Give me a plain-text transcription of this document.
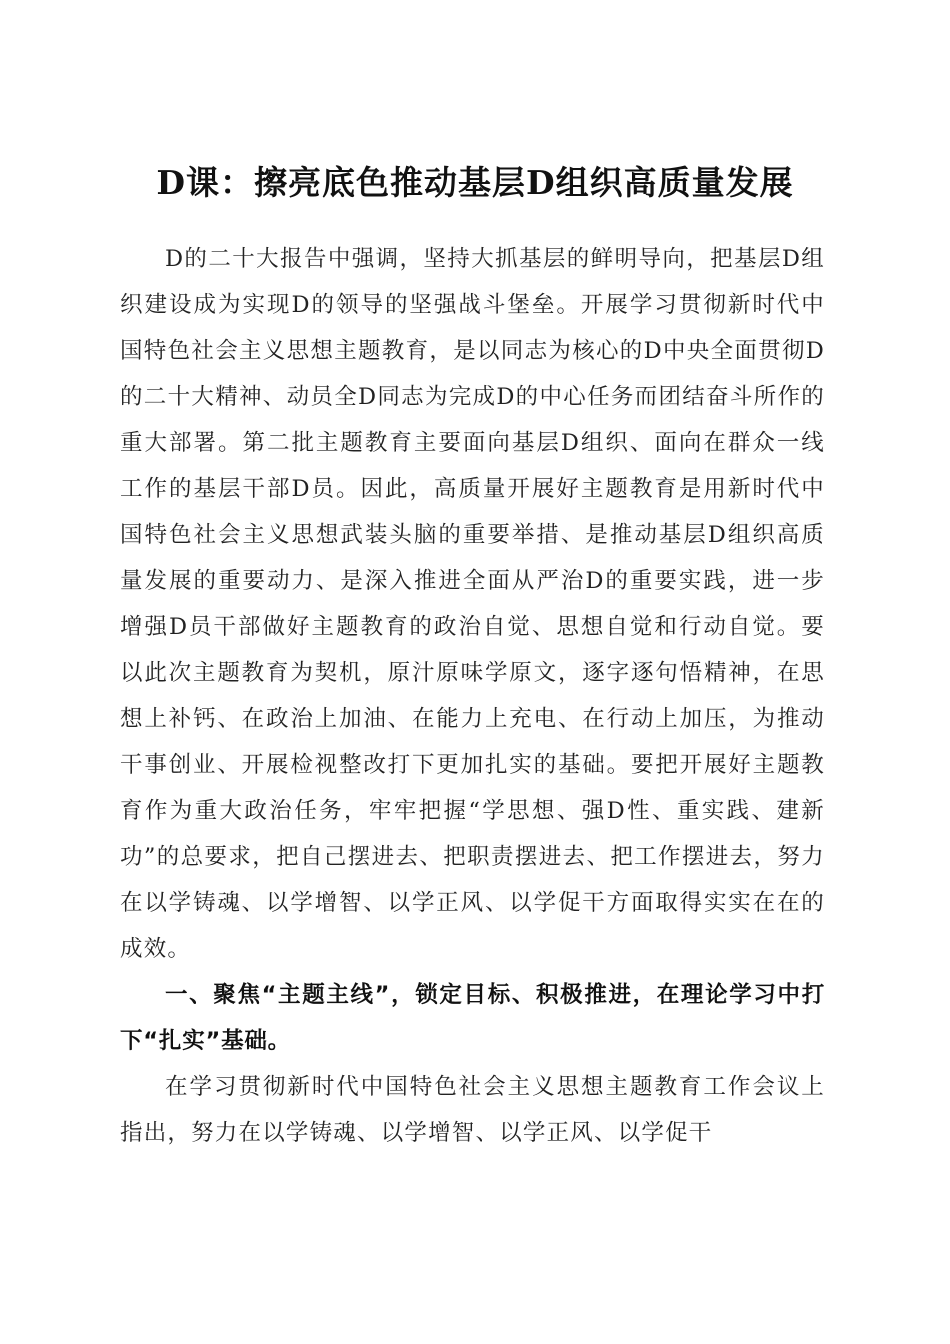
D课：擦亮底色推动基层D组织高质量发展

D的二十大报告中强调，坚持大抓基层的鲜明导向，把基层D组织建设成为实现D的领导的坚强战斗堡垒。开展学习贯彻新时代中国特色社会主义思想主题教育，是以同志为核心的D中央全面贯彻D的二十大精神、动员全D同志为完成D的中心任务而团结奋斗所作的重大部署。第二批主题教育主要面向基层D组织、面向在群众一线工作的基层干部D员。因此，高质量开展好主题教育是用新时代中国特色社会主义思想武装头脑的重要举措、是推动基层D组织高质量发展的重要动力、是深入推进全面从严治D的重要实践，进一步增强D员干部做好主题教育的政治自觉、思想自觉和行动自觉。要以此次主题教育为契机，原汁原味学原文，逐字逐句悟精神，在思想上补钙、在政治上加油、在能力上充电、在行动上加压，为推动干事创业、开展检视整改打下更加扎实的基础。要把开展好主题教育作为重大政治任务，牢牢把握“学思想、强D性、重实践、建新功”的总要求，把自己摆进去、把职责摆进去、把工作摆进去，努力在以学铸魂、以学增智、以学正风、以学促干方面取得实实在在的成效。

一、聚焦“主题主线”，锁定目标、积极推进，在理论学习中打下“扎实”基础。

在学习贯彻新时代中国特色社会主义思想主题教育工作会议上指出，努力在以学铸魂、以学增智、以学正风、以学促干
